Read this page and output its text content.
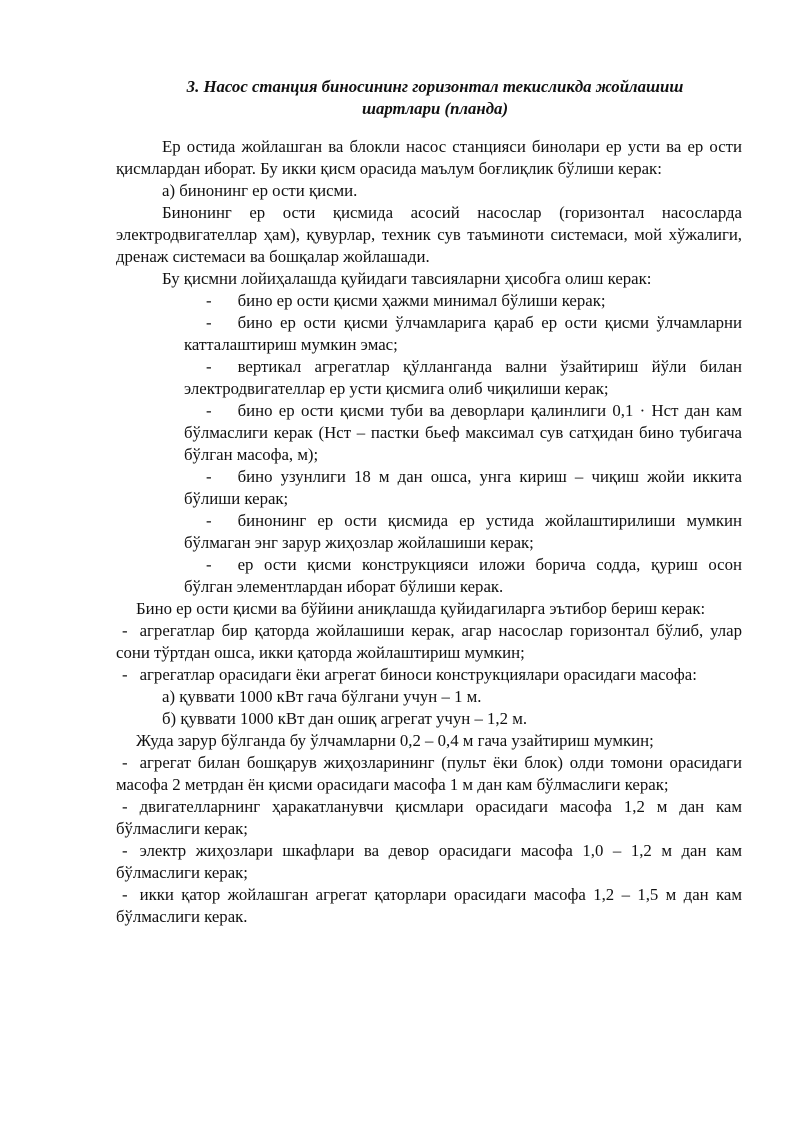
3. Насос станция биносининг горизонтал текисликда жойлашиш
шартлари (планда)

Ер остида жойлашган ва блокли насос станцияси бинолари ер усти ва ер ости қисмлардан иборат. Бу икки қисм орасида маълум боғлиқлик бўлиши керак:

а) бинонинг ер ости қисми.

Бинонинг ер ости қисмида асосий насослар (горизонтал насосларда электродвигателлар ҳам), қувурлар, техник сув таъминоти системаси, мой хўжалиги, дренаж системаси ва бошқалар жойлашади.

Бу қисмни лойиҳалашда қуйидаги тавсияларни ҳисобга олиш керак:

- бино ер ости қисми ҳажми минимал бўлиши керак;

- бино ер ости қисми ўлчамларига қараб ер ости қисми ўлчамларни катталаштириш мумкин эмас;

- вертикал агрегатлар қўлланганда вални ўзайтириш йўли билан электродвигателлар ер усти қисмига олиб чиқилиши керак;

- бино ер ости қисми туби ва деворлари қалинлиги 0,1 · Нст дан кам бўлмаслиги керак (Нст – пастки бьеф максимал сув сатҳидан бино тубигача бўлган масофа, м);

- бино узунлиги 18 м дан ошса, унга кириш – чиқиш жойи иккита бўлиши керак;

- бинонинг ер ости қисмида ер устида жойлаштирилиши мумкин бўлмаган энг зарур жиҳозлар жойлашиши керак;

- ер ости қисми конструкцияси иложи борича содда, қуриш осон бўлган элементлардан иборат бўлиши керак.

Бино ер ости қисми ва бўйини аниқлашда қуйидагиларга эътибор бериш керак:

- агрегатлар бир қаторда жойлашиши керак, агар насослар горизонтал бўлиб, улар сони тўртдан ошса, икки қаторда жойлаштириш мумкин;

- агрегатлар орасидаги ёки агрегат биноси конструкциялари орасидаги масофа:

а) қуввати 1000 кВт гача бўлгани учун – 1 м.

б) қуввати 1000 кВт дан ошиқ агрегат учун – 1,2 м.

Жуда зарур бўлганда бу ўлчамларни 0,2 – 0,4 м гача узайтириш мумкин;

- агрегат билан бошқарув жиҳозларининг (пульт ёки блок) олди томони орасидаги масофа 2 метрдан ён қисми орасидаги масофа 1 м дан кам бўлмаслиги керак;

- двигателларнинг ҳаракатланувчи қисмлари орасидаги масофа 1,2 м дан кам бўлмаслиги керак;

- электр жиҳозлари шкафлари ва девор орасидаги масофа 1,0 – 1,2 м дан кам бўлмаслиги керак;

- икки қатор жойлашган агрегат қаторлари орасидаги масофа 1,2 – 1,5 м дан кам бўлмаслиги керак.
